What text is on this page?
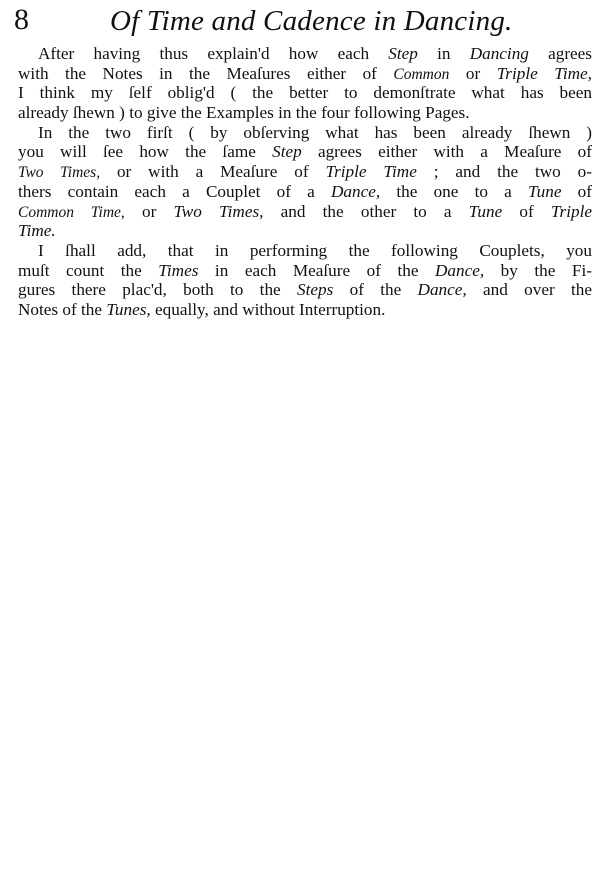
8	Of Time and Cadence in Dancing.
After having thus explain'd how each Step in Dancing agrees
with the Notes in the Meaſures either of Common or Triple Time,
I think my ſelf oblig'd ( the better to demonſtrate what has been
already ſhewn ) to give the Examples in the four following Pages.
In the two firſt ( by obſerving what has been already ſhewn )
you will ſee how the ſame Step agrees either with a Meaſure of
Two Times, or with a Meaſure of Triple Time ; and the two o-
thers contain each a Couplet of a Dance, the one to a Tune of
Common Time, or Two Times, and the other to a Tune of Triple
Time.
I ſhall add, that in performing the following Couplets, you
muſt count the Times in each Meaſure of the Dance, by the Fi-
gures there plac'd, both to the Steps of the Dance, and over the
Notes of the Tunes, equally, and without Interruption.
